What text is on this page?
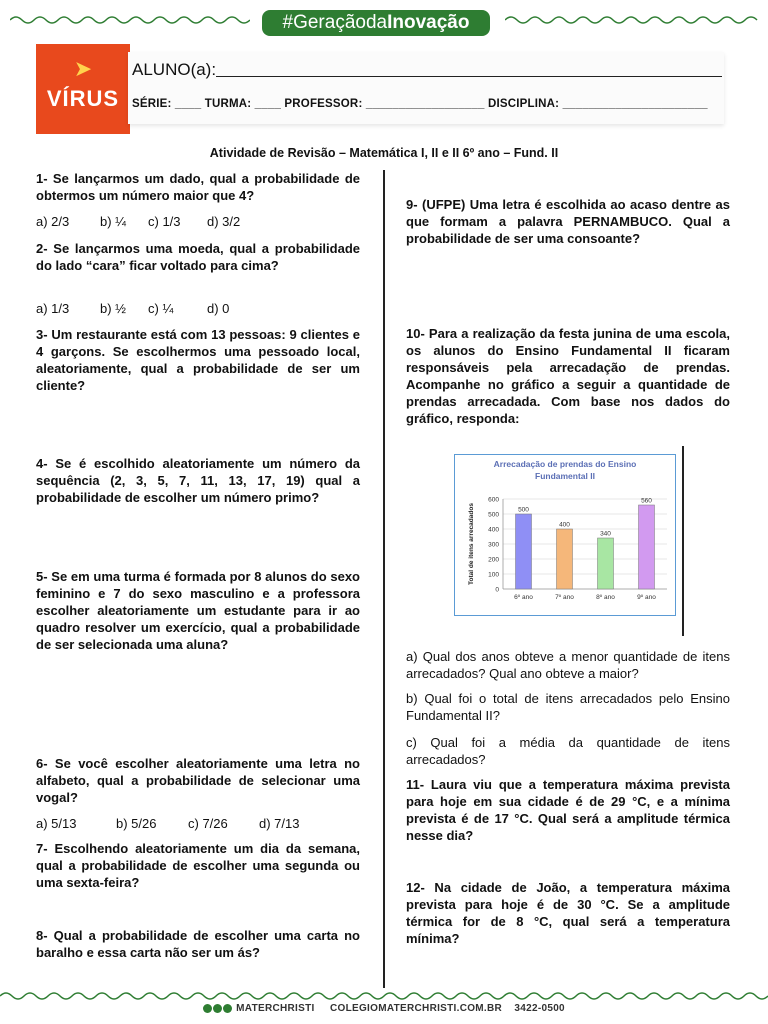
#GeraçãodaInovação
➤
VÍRUS
ALUNO(a):
SÉRIE: ____ TURMA: ____ PROFESSOR: __________________ DISCIPLINA: ______________________
Atividade de Revisão – Matemática I, II e II 6º ano – Fund. II
1- Se lançarmos um dado, qual a probabilidade de obtermos um número maior que 4?
a) 2/3 b) ¼ c) 1/3 d) 3/2
2- Se lançarmos uma moeda, qual a probabilidade do lado “cara” ficar voltado para cima?
a) 1/3 b) ½ c) ¼	d) 0
3- Um restaurante está com 13 pessoas: 9 clientes e 4 garçons. Se escolhermos uma pessoado local, aleatoriamente, qual a probabilidade de ser um cliente?
4- Se é escolhido aleatoriamente um número da sequência (2, 3, 5, 7, 11, 13, 17, 19) qual a probabilidade de escolher um número primo?
5- Se em uma turma é formada por 8 alunos do sexo feminino e 7 do sexo masculino e a professora escolher aleatoriamente um estudante para ir ao quadro resolver um exercício, qual a probabilidade de ser selecionada uma aluna?
6- Se você escolher aleatoriamente uma letra no alfabeto, qual a probabilidade de selecionar uma vogal?
a) 5/13	b) 5/26 c) 7/26 d) 7/13
7- Escolhendo aleatoriamente um dia da semana, qual a probabilidade de escolher uma segunda ou uma sexta-feira?
8- Qual a probabilidade de escolher uma carta no baralho e essa carta não ser um ás?
9- (UFPE) Uma letra é escolhida ao acaso dentre as que formam a palavra PERNAMBUCO. Qual a probabilidade de ser uma consoante?
10- Para a realização da festa junina de uma escola, os alunos do Ensino Fundamental II ficaram responsáveis pela arrecadação de prendas. Acompanhe no gráfico a seguir a quantidade de prendas arrecadada. Com base nos dados do gráfico, responda:
Arrecadação de prendas do Ensino
Fundamental II
0
100
200
300
400
500
600
Total de itens arrecadados	500
6º ano
400
7º ano
340
8º ano
560
9º ano
a) Qual dos anos obteve a menor quantidade de itens arrecadados? Qual ano obteve a maior?
b) Qual foi o total de itens arrecadados pelo Ensino Fundamental II?
c) Qual foi a média da quantidade de itens arrecadados?
11- Laura viu que a temperatura máxima prevista para hoje em sua cidade é de 29 °C, e a mínima prevista é de 17 °C. Qual será a amplitude térmica nesse dia?
12- Na cidade de João, a temperatura máxima prevista para hoje é de 30 °C. Se a amplitude térmica for de 8 °C, qual será a temperatura mínima?
MATERCHRISTI COLEGIOMATERCHRISTI.COM.BR 3422-0500
